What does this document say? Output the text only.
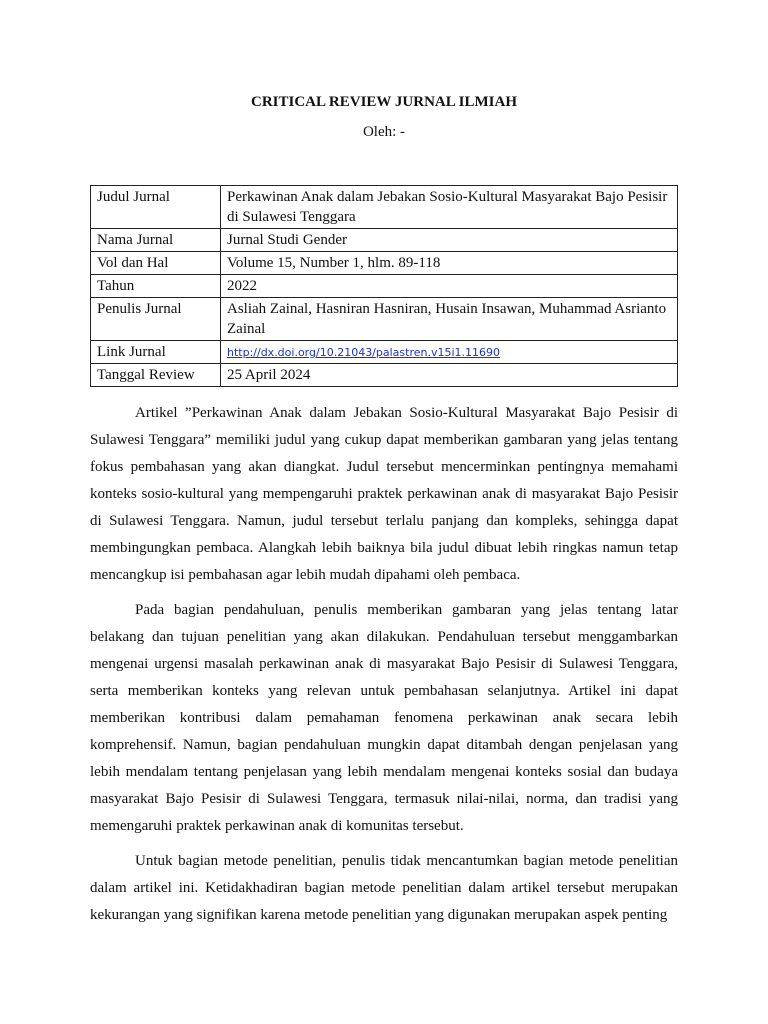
CRITICAL REVIEW JURNAL ILMIAH
Oleh: -
Judul Jurnal	Perkawinan Anak dalam Jebakan Sosio-Kultural Masyarakat Bajo Pesisir di Sulawesi Tenggara
Nama Jurnal	Jurnal Studi Gender
Vol dan Hal	Volume 15, Number 1, hlm. 89-118
Tahun	2022
Penulis Jurnal	Asliah Zainal, Hasniran Hasniran, Husain Insawan, Muhammad Asrianto Zainal
Link Jurnal	http://dx.doi.org/10.21043/palastren.v15i1.11690
Tanggal Review	25 April 2024

Artikel ”Perkawinan Anak dalam Jebakan Sosio-Kultural Masyarakat Bajo Pesisir di Sulawesi Tenggara” memiliki judul yang cukup dapat memberikan gambaran yang jelas tentang fokus pembahasan yang akan diangkat. Judul tersebut mencerminkan pentingnya memahami konteks sosio-kultural yang mempengaruhi praktek perkawinan anak di masyarakat Bajo Pesisir di Sulawesi Tenggara. Namun, judul tersebut terlalu panjang dan kompleks, sehingga dapat membingungkan pembaca. Alangkah lebih baiknya bila judul dibuat lebih ringkas namun tetap mencangkup isi pembahasan agar lebih mudah dipahami oleh pembaca.

Pada bagian pendahuluan, penulis memberikan gambaran yang jelas tentang latar belakang dan tujuan penelitian yang akan dilakukan. Pendahuluan tersebut menggambarkan mengenai urgensi masalah perkawinan anak di masyarakat Bajo Pesisir di Sulawesi Tenggara, serta memberikan konteks yang relevan untuk pembahasan selanjutnya. Artikel ini dapat memberikan kontribusi dalam pemahaman fenomena perkawinan anak secara lebih komprehensif. Namun, bagian pendahuluan mungkin dapat ditambah dengan penjelasan yang lebih mendalam tentang penjelasan yang lebih mendalam mengenai konteks sosial dan budaya masyarakat Bajo Pesisir di Sulawesi Tenggara, termasuk nilai-nilai, norma, dan tradisi yang memengaruhi praktek perkawinan anak di komunitas tersebut.

Untuk bagian metode penelitian, penulis tidak mencantumkan bagian metode penelitian dalam artikel ini. Ketidakhadiran bagian metode penelitian dalam artikel tersebut merupakan kekurangan yang signifikan karena metode penelitian yang digunakan merupakan aspek penting
